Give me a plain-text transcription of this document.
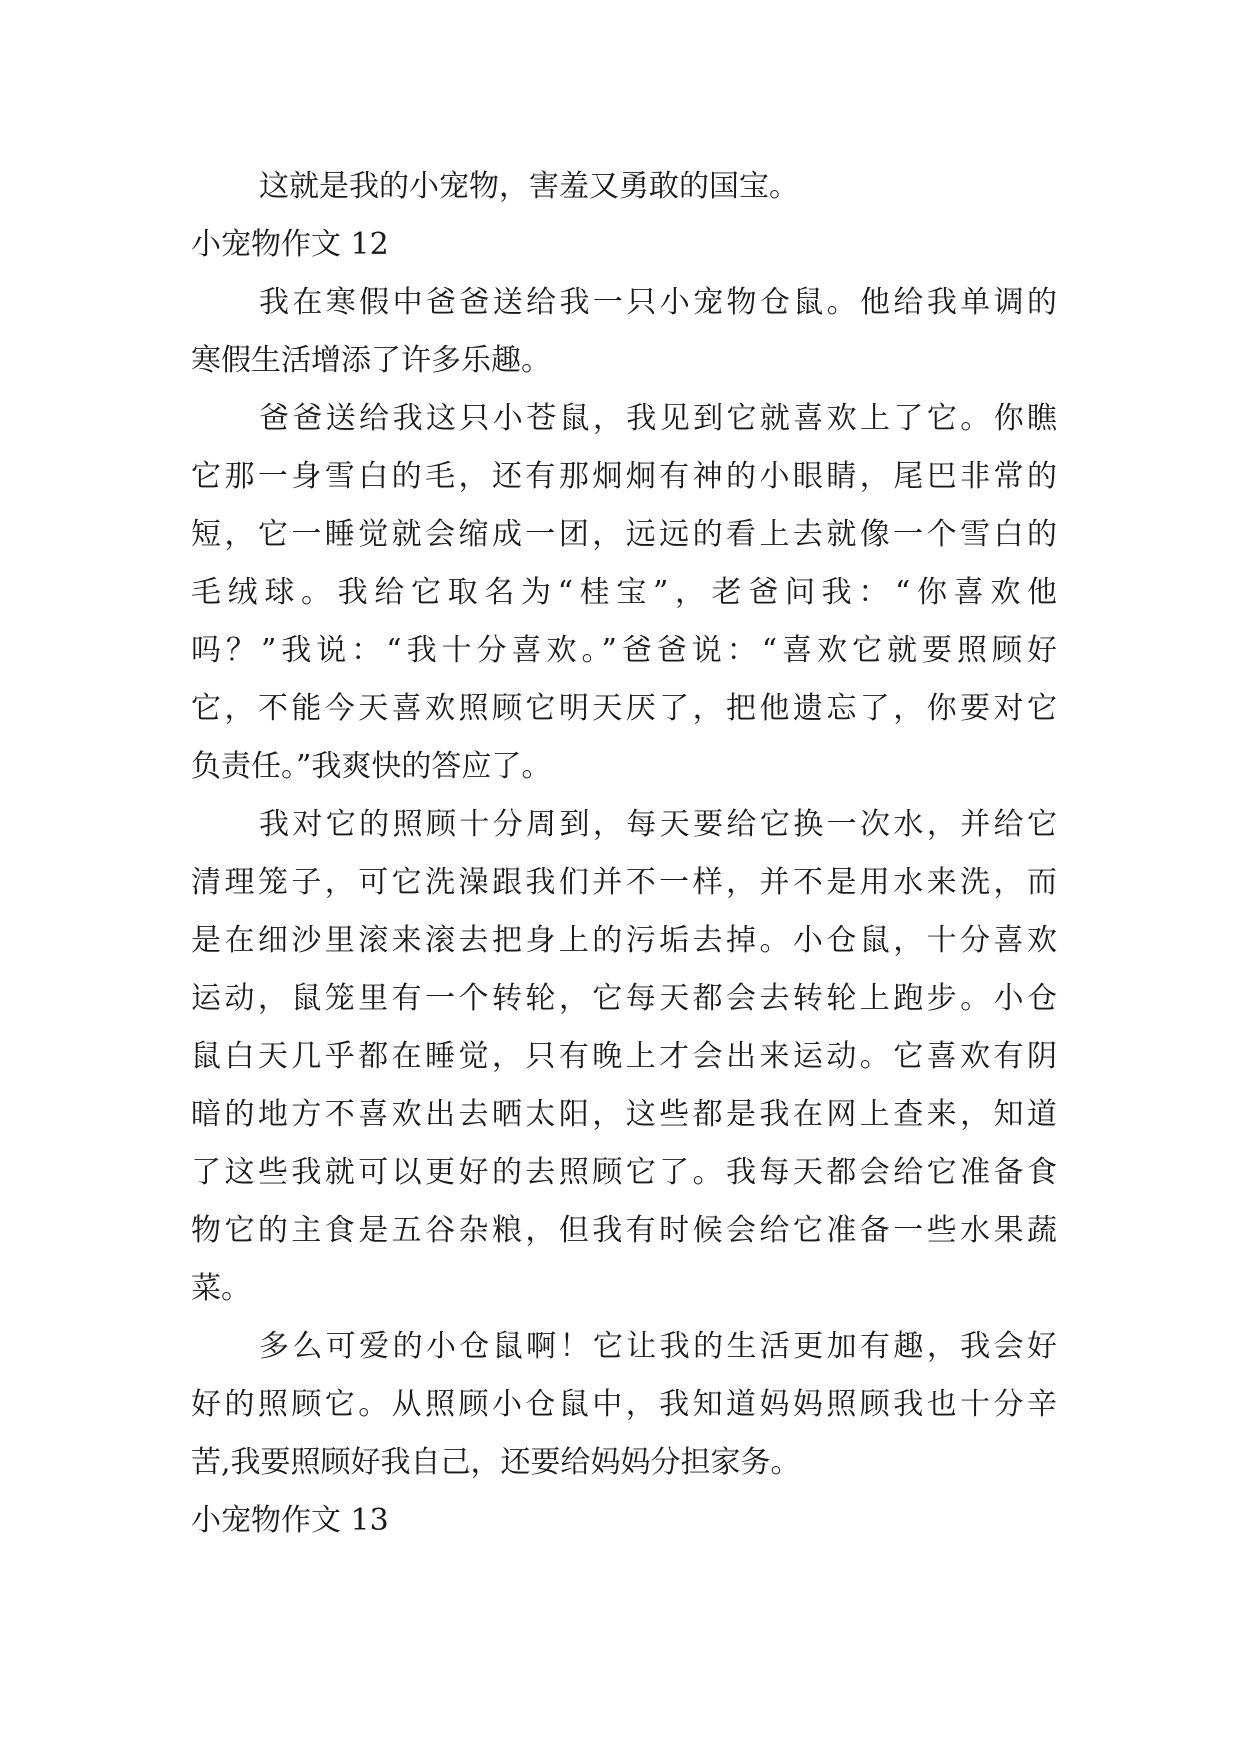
这就是我的小宠物，害羞又勇敢的国宝。
小宠物作文 12
我在寒假中爸爸送给我一只小宠物仓鼠。他给我单调的
寒假生活增添了许多乐趣。
爸爸送给我这只小苍鼠，我见到它就喜欢上了它。你瞧
它那一身雪白的毛，还有那炯炯有神的小眼睛，尾巴非常的
短，它一睡觉就会缩成一团，远远的看上去就像一个雪白的
毛绒球。我给它取名为“桂宝”，老爸问我：“你喜欢他
吗？”我说：“我十分喜欢。”爸爸说：“喜欢它就要照顾好
它，不能今天喜欢照顾它明天厌了，把他遗忘了，你要对它
负责任。”我爽快的答应了。
我对它的照顾十分周到，每天要给它换一次水，并给它
清理笼子，可它洗澡跟我们并不一样，并不是用水来洗，而
是在细沙里滚来滚去把身上的污垢去掉。小仓鼠，十分喜欢
运动，鼠笼里有一个转轮，它每天都会去转轮上跑步。小仓
鼠白天几乎都在睡觉，只有晚上才会出来运动。它喜欢有阴
暗的地方不喜欢出去晒太阳，这些都是我在网上查来，知道
了这些我就可以更好的去照顾它了。我每天都会给它准备食
物它的主食是五谷杂粮，但我有时候会给它准备一些水果蔬
菜。
多么可爱的小仓鼠啊！它让我的生活更加有趣，我会好
好的照顾它。从照顾小仓鼠中，我知道妈妈照顾我也十分辛
苦,我要照顾好我自己，还要给妈妈分担家务。
小宠物作文 13
